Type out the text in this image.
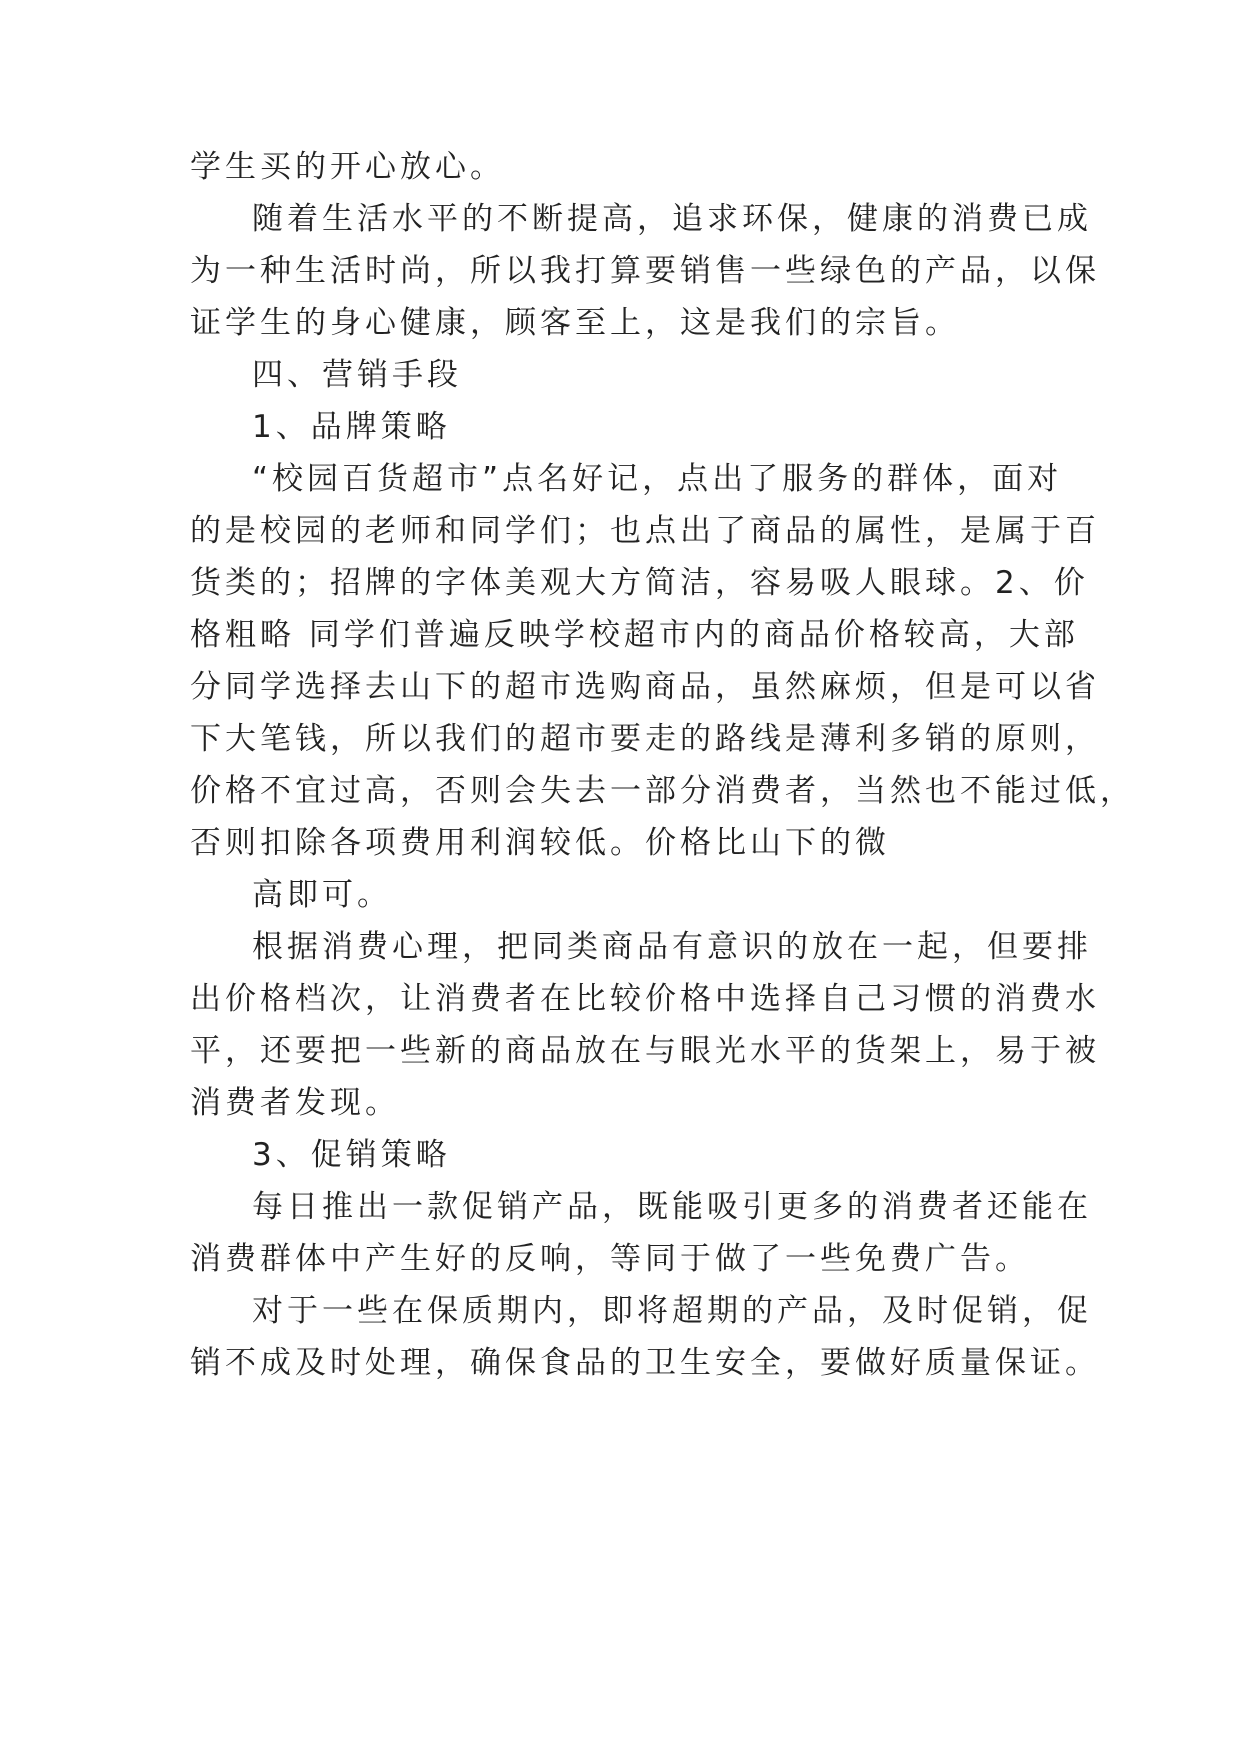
学生买的开心放心。
随着生活水平的不断提高，追求环保，健康的消费已成
为一种生活时尚，所以我打算要销售一些绿色的产品，以保
证学生的身心健康，顾客至上，这是我们的宗旨。
四、营销手段
1、品牌策略
“校园百货超市”点名好记，点出了服务的群体，面对
的是校园的老师和同学们；也点出了商品的属性，是属于百
货类的；招牌的字体美观大方简洁，容易吸人眼球。2、价
格粗略 同学们普遍反映学校超市内的商品价格较高，大部
分同学选择去山下的超市选购商品，虽然麻烦，但是可以省
下大笔钱，所以我们的超市要走的路线是薄利多销的原则，
价格不宜过高，否则会失去一部分消费者，当然也不能过低，
否则扣除各项费用利润较低。价格比山下的微
高即可。
根据消费心理，把同类商品有意识的放在一起，但要排
出价格档次，让消费者在比较价格中选择自己习惯的消费水
平，还要把一些新的商品放在与眼光水平的货架上，易于被
消费者发现。
3、促销策略
每日推出一款促销产品，既能吸引更多的消费者还能在
消费群体中产生好的反响，等同于做了一些免费广告。
对于一些在保质期内，即将超期的产品，及时促销，促
销不成及时处理，确保食品的卫生安全，要做好质量保证。
